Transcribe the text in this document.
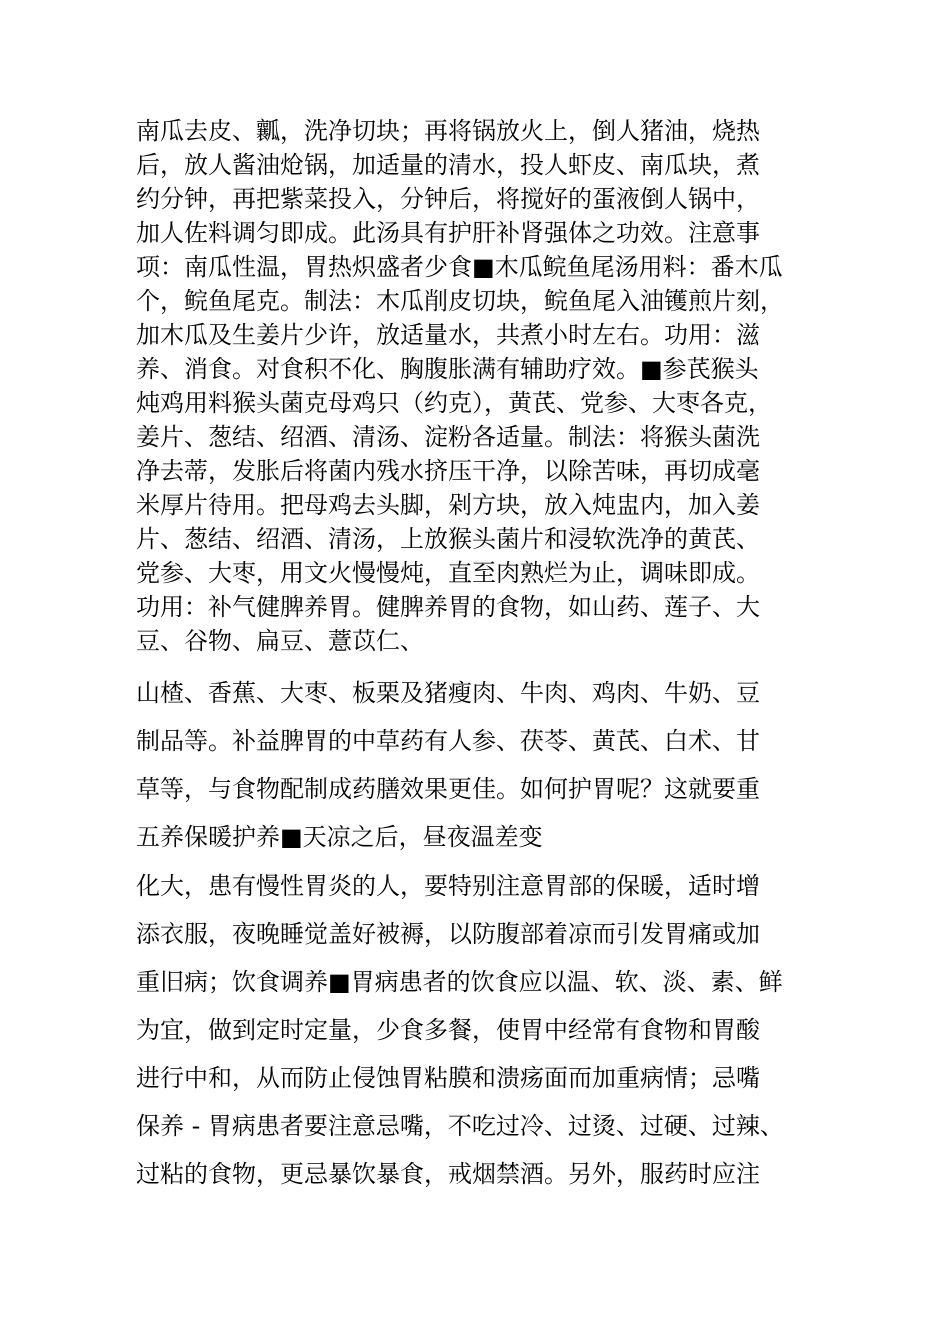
南瓜去皮、瓤，洗净切块；再将锅放火上，倒人猪油，烧热
后，放人酱油炝锅，加适量的清水，投人虾皮、南瓜块，煮
约分钟，再把紫菜投入，分钟后，将搅好的蛋液倒人锅中，
加人佐料调匀即成。此汤具有护肝补肾强体之功效。注意事
项：南瓜性温，胃热炽盛者少食■木瓜鲩鱼尾汤用料：番木瓜
个，鲩鱼尾克。制法：木瓜削皮切块，鲩鱼尾入油镬煎片刻，
加木瓜及生姜片少许，放适量水，共煮小时左右。功用：滋
养、消食。对食积不化、胸腹胀满有辅助疗效。■参芪猴头
炖鸡用料猴头菌克母鸡只（约克），黄芪、党参、大枣各克，
姜片、葱结、绍酒、清汤、淀粉各适量。制法：将猴头菌洗
净去蒂，发胀后将菌内残水挤压干净，以除苦味，再切成毫
米厚片待用。把母鸡去头脚，剁方块，放入炖盅内，加入姜
片、葱结、绍酒、清汤，上放猴头菌片和浸软洗净的黄芪、
党参、大枣，用文火慢慢炖，直至肉熟烂为止，调味即成。
功用：补气健脾养胃。健脾养胃的食物，如山药、莲子、大
豆、谷物、扁豆、薏苡仁、
山楂、香蕉、大枣、板栗及猪瘦肉、牛肉、鸡肉、牛奶、豆
制品等。补益脾胃的中草药有人参、茯苓、黄芪、白术、甘
草等，与食物配制成药膳效果更佳。如何护胃呢？这就要重
五养保暖护养■天凉之后，昼夜温差变
化大，患有慢性胃炎的人，要特别注意胃部的保暖，适时增
添衣服，夜晚睡觉盖好被褥，以防腹部着凉而引发胃痛或加
重旧病；饮食调养■胃病患者的饮食应以温、软、淡、素、鲜
为宜，做到定时定量，少食多餐，使胃中经常有食物和胃酸
进行中和，从而防止侵蚀胃粘膜和溃疡面而加重病情；忌嘴
保养 - 胃病患者要注意忌嘴，不吃过冷、过烫、过硬、过辣、
过粘的食物，更忌暴饮暴食，戒烟禁酒。另外，服药时应注
